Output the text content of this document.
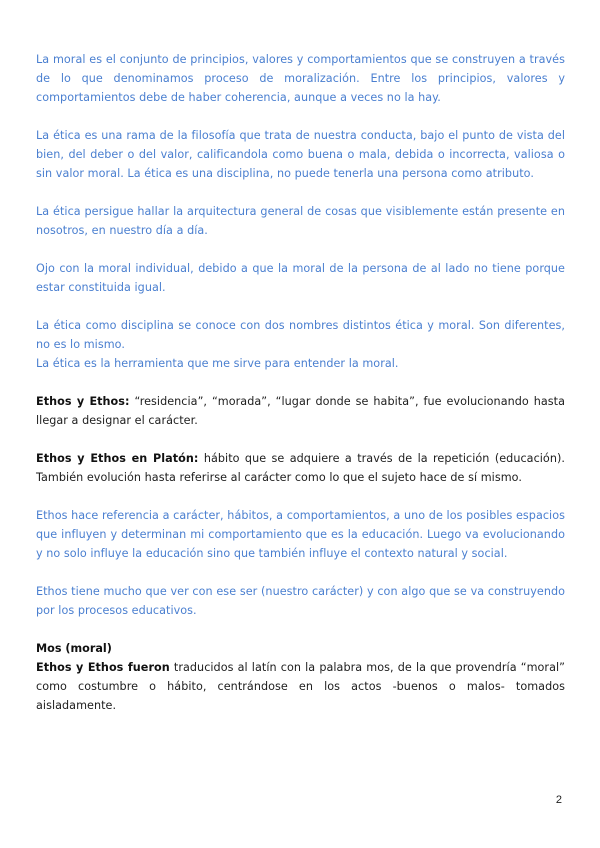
La moral es el conjunto de principios, valores y comportamientos que se construyen a través de lo que denominamos proceso de moralización. Entre los principios, valores y comportamientos debe de haber coherencia, aunque a veces no la hay.

La ética es una rama de la filosofía que trata de nuestra conducta, bajo el punto de vista del bien, del deber o del valor, calificandola como buena o mala, debida o incorrecta, valiosa o sin valor moral. La ética es una disciplina, no puede tenerla una persona como atributo.

La ética persigue hallar la arquitectura general de cosas que visiblemente están presente en nosotros, en nuestro día a día.

Ojo con la moral individual, debido a que la moral de la persona de al lado no tiene porque estar constituida igual.

La ética como disciplina se conoce con dos nombres distintos ética y moral. Son diferentes, no es lo mismo.

La ética es la herramienta que me sirve para entender la moral.

Ethos y Ethos: “residencia”, “morada”, “lugar donde se habita”, fue evolucionando hasta llegar a designar el carácter.

Ethos y Ethos en Platón: hábito que se adquiere a través de la repetición (educación). También evolución hasta referirse al carácter como lo que el sujeto hace de sí mismo.

Ethos hace referencia a carácter, hábitos, a comportamientos, a uno de los posibles espacios que influyen y determinan mi comportamiento que es la educación. Luego va evolucionando y no solo influye la educación sino que también influye el contexto natural y social.

Ethos tiene mucho que ver con ese ser (nuestro carácter) y con algo que se va construyendo por los procesos educativos.

Mos (moral)

Ethos y Ethos fueron traducidos al latín con la palabra mos, de la que provendría “moral” como costumbre o hábito, centrándose en los actos -buenos o malos- tomados aisladamente.

2
